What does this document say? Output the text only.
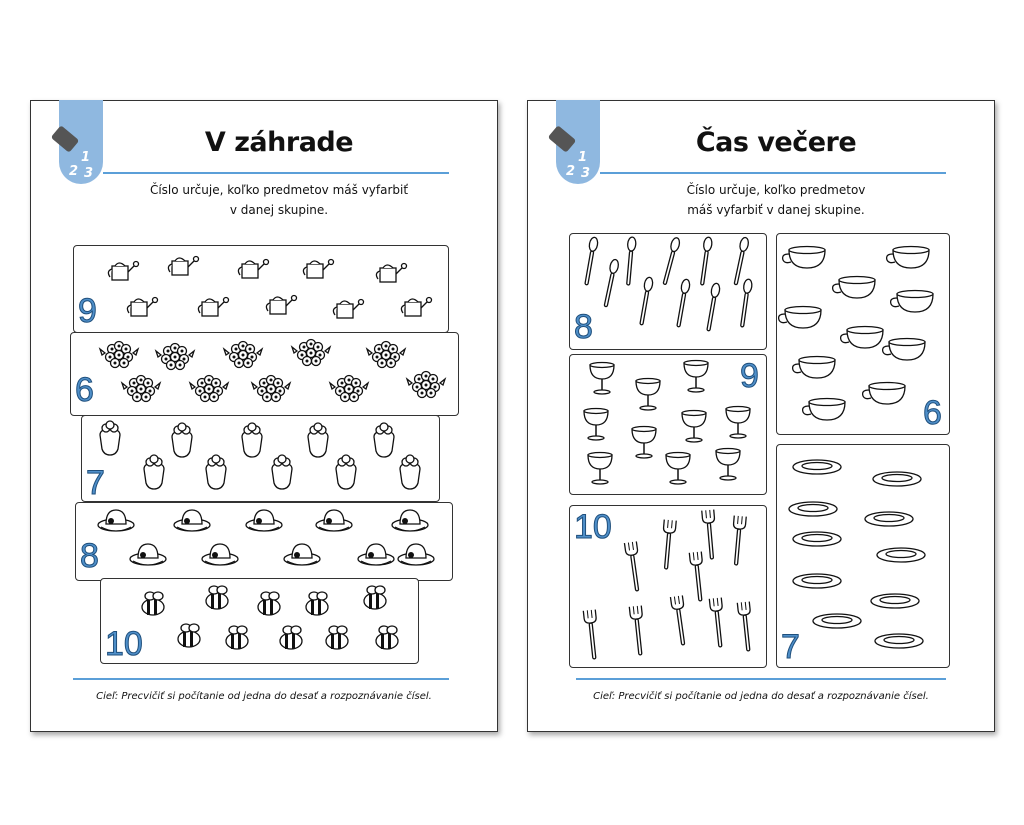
1
2 3
V záhrade
Číslo určuje, koľko predmetov máš vyfarbiť
v danej skupine.
9
6
7
8
10
Cieľ: Precvičiť si počítanie od jedna do desať a rozpoznávanie čísel.
1
2 3
Čas večere
Číslo určuje, koľko predmetov
máš vyfarbiť v danej skupine.
8
6
9
7
10
Cieľ: Precvičiť si počítanie od jedna do desať a rozpoznávanie čísel.
